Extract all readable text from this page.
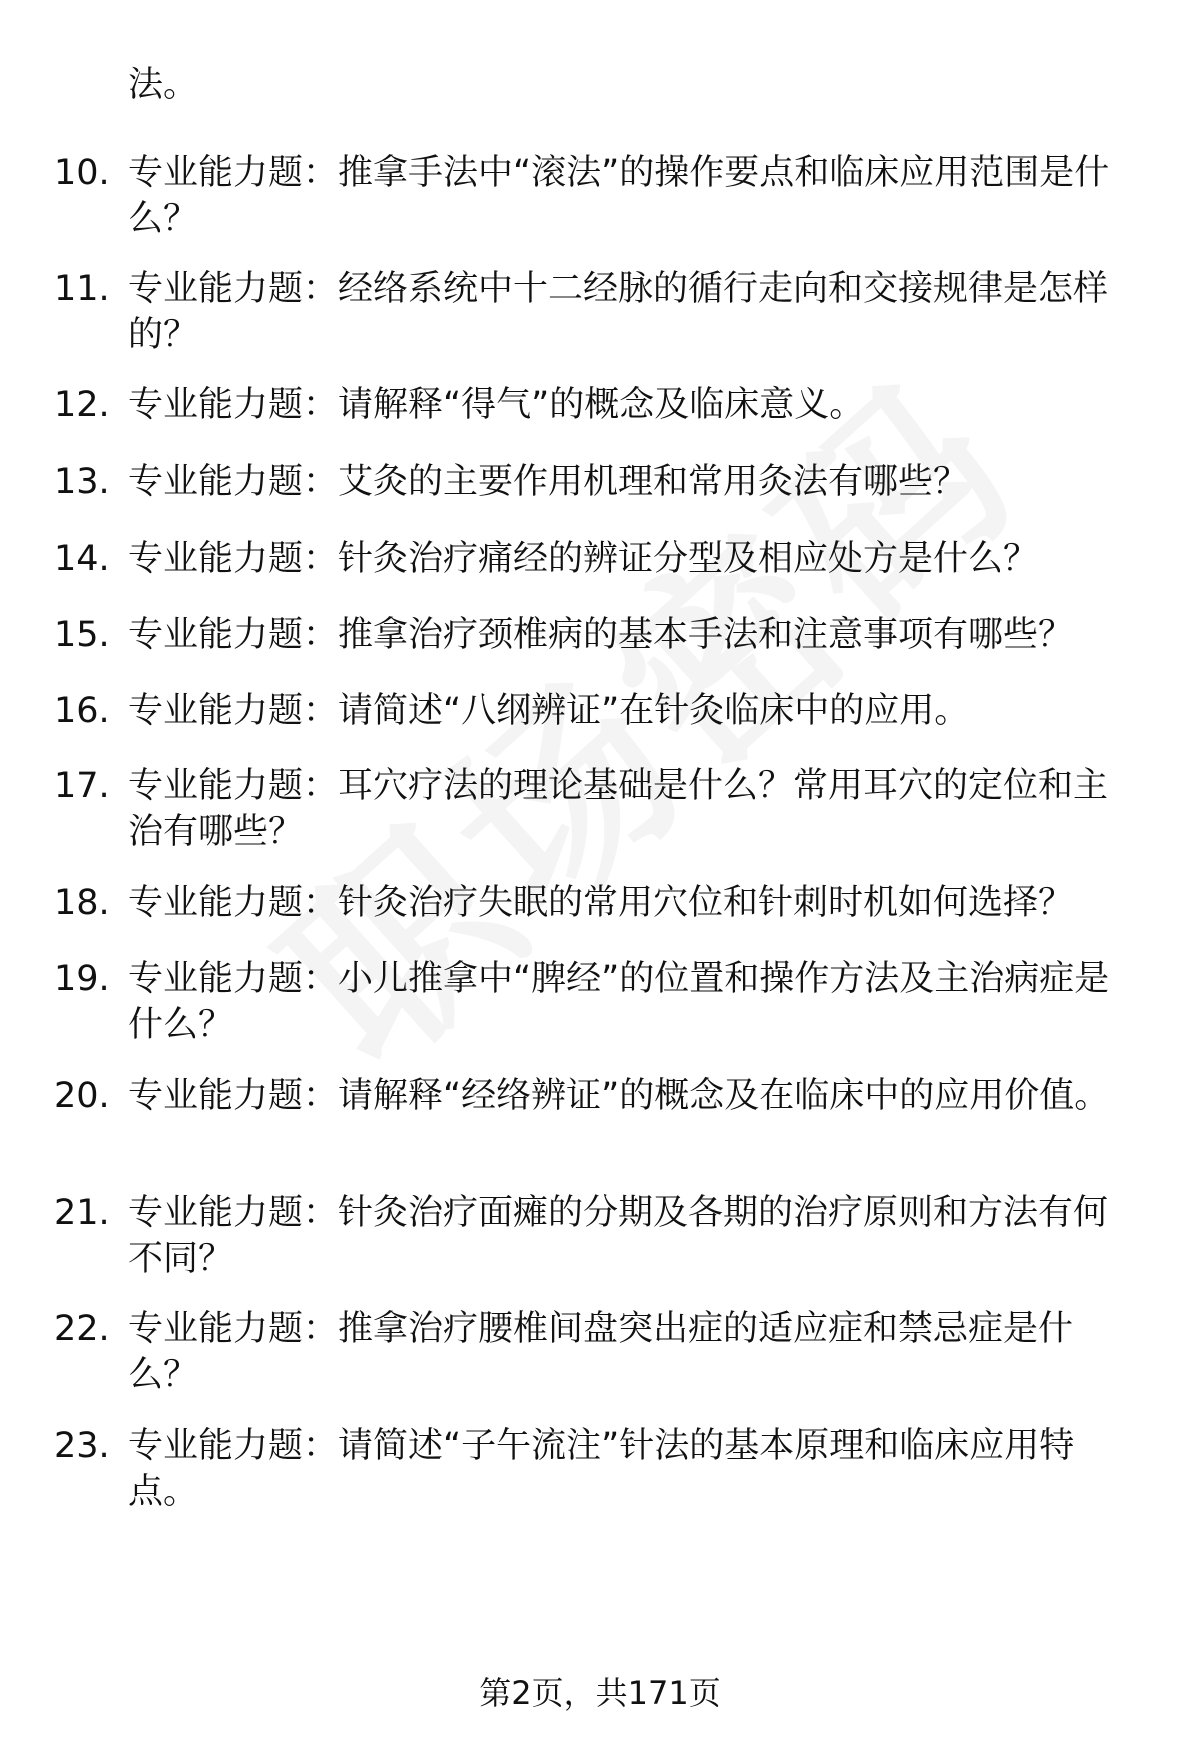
法。
10. 专业能力题：推拿手法中“滚法”的操作要点和临床应用范围是什么？
11. 专业能力题：经络系统中十二经脉的循行走向和交接规律是怎样的？
12. 专业能力题：请解释“得气”的概念及临床意义。
13. 专业能力题：艾灸的主要作用机理和常用灸法有哪些？
14. 专业能力题：针灸治疗痛经的辨证分型及相应处方是什么？
15. 专业能力题：推拿治疗颈椎病的基本手法和注意事项有哪些？
16. 专业能力题：请简述“八纲辨证”在针灸临床中的应用。
17. 专业能力题：耳穴疗法的理论基础是什么？常用耳穴的定位和主治有哪些？
18. 专业能力题：针灸治疗失眠的常用穴位和针刺时机如何选择？
19. 专业能力题：小儿推拿中“脾经”的位置和操作方法及主治病症是什么？
20. 专业能力题：请解释“经络辨证”的概念及在临床中的应用价值。
21. 专业能力题：针灸治疗面瘫的分期及各期的治疗原则和方法有何不同？
22. 专业能力题：推拿治疗腰椎间盘突出症的适应症和禁忌症是什么？
23. 专业能力题：请简述“子午流注”针法的基本原理和临床应用特点。
第2页，共171页
